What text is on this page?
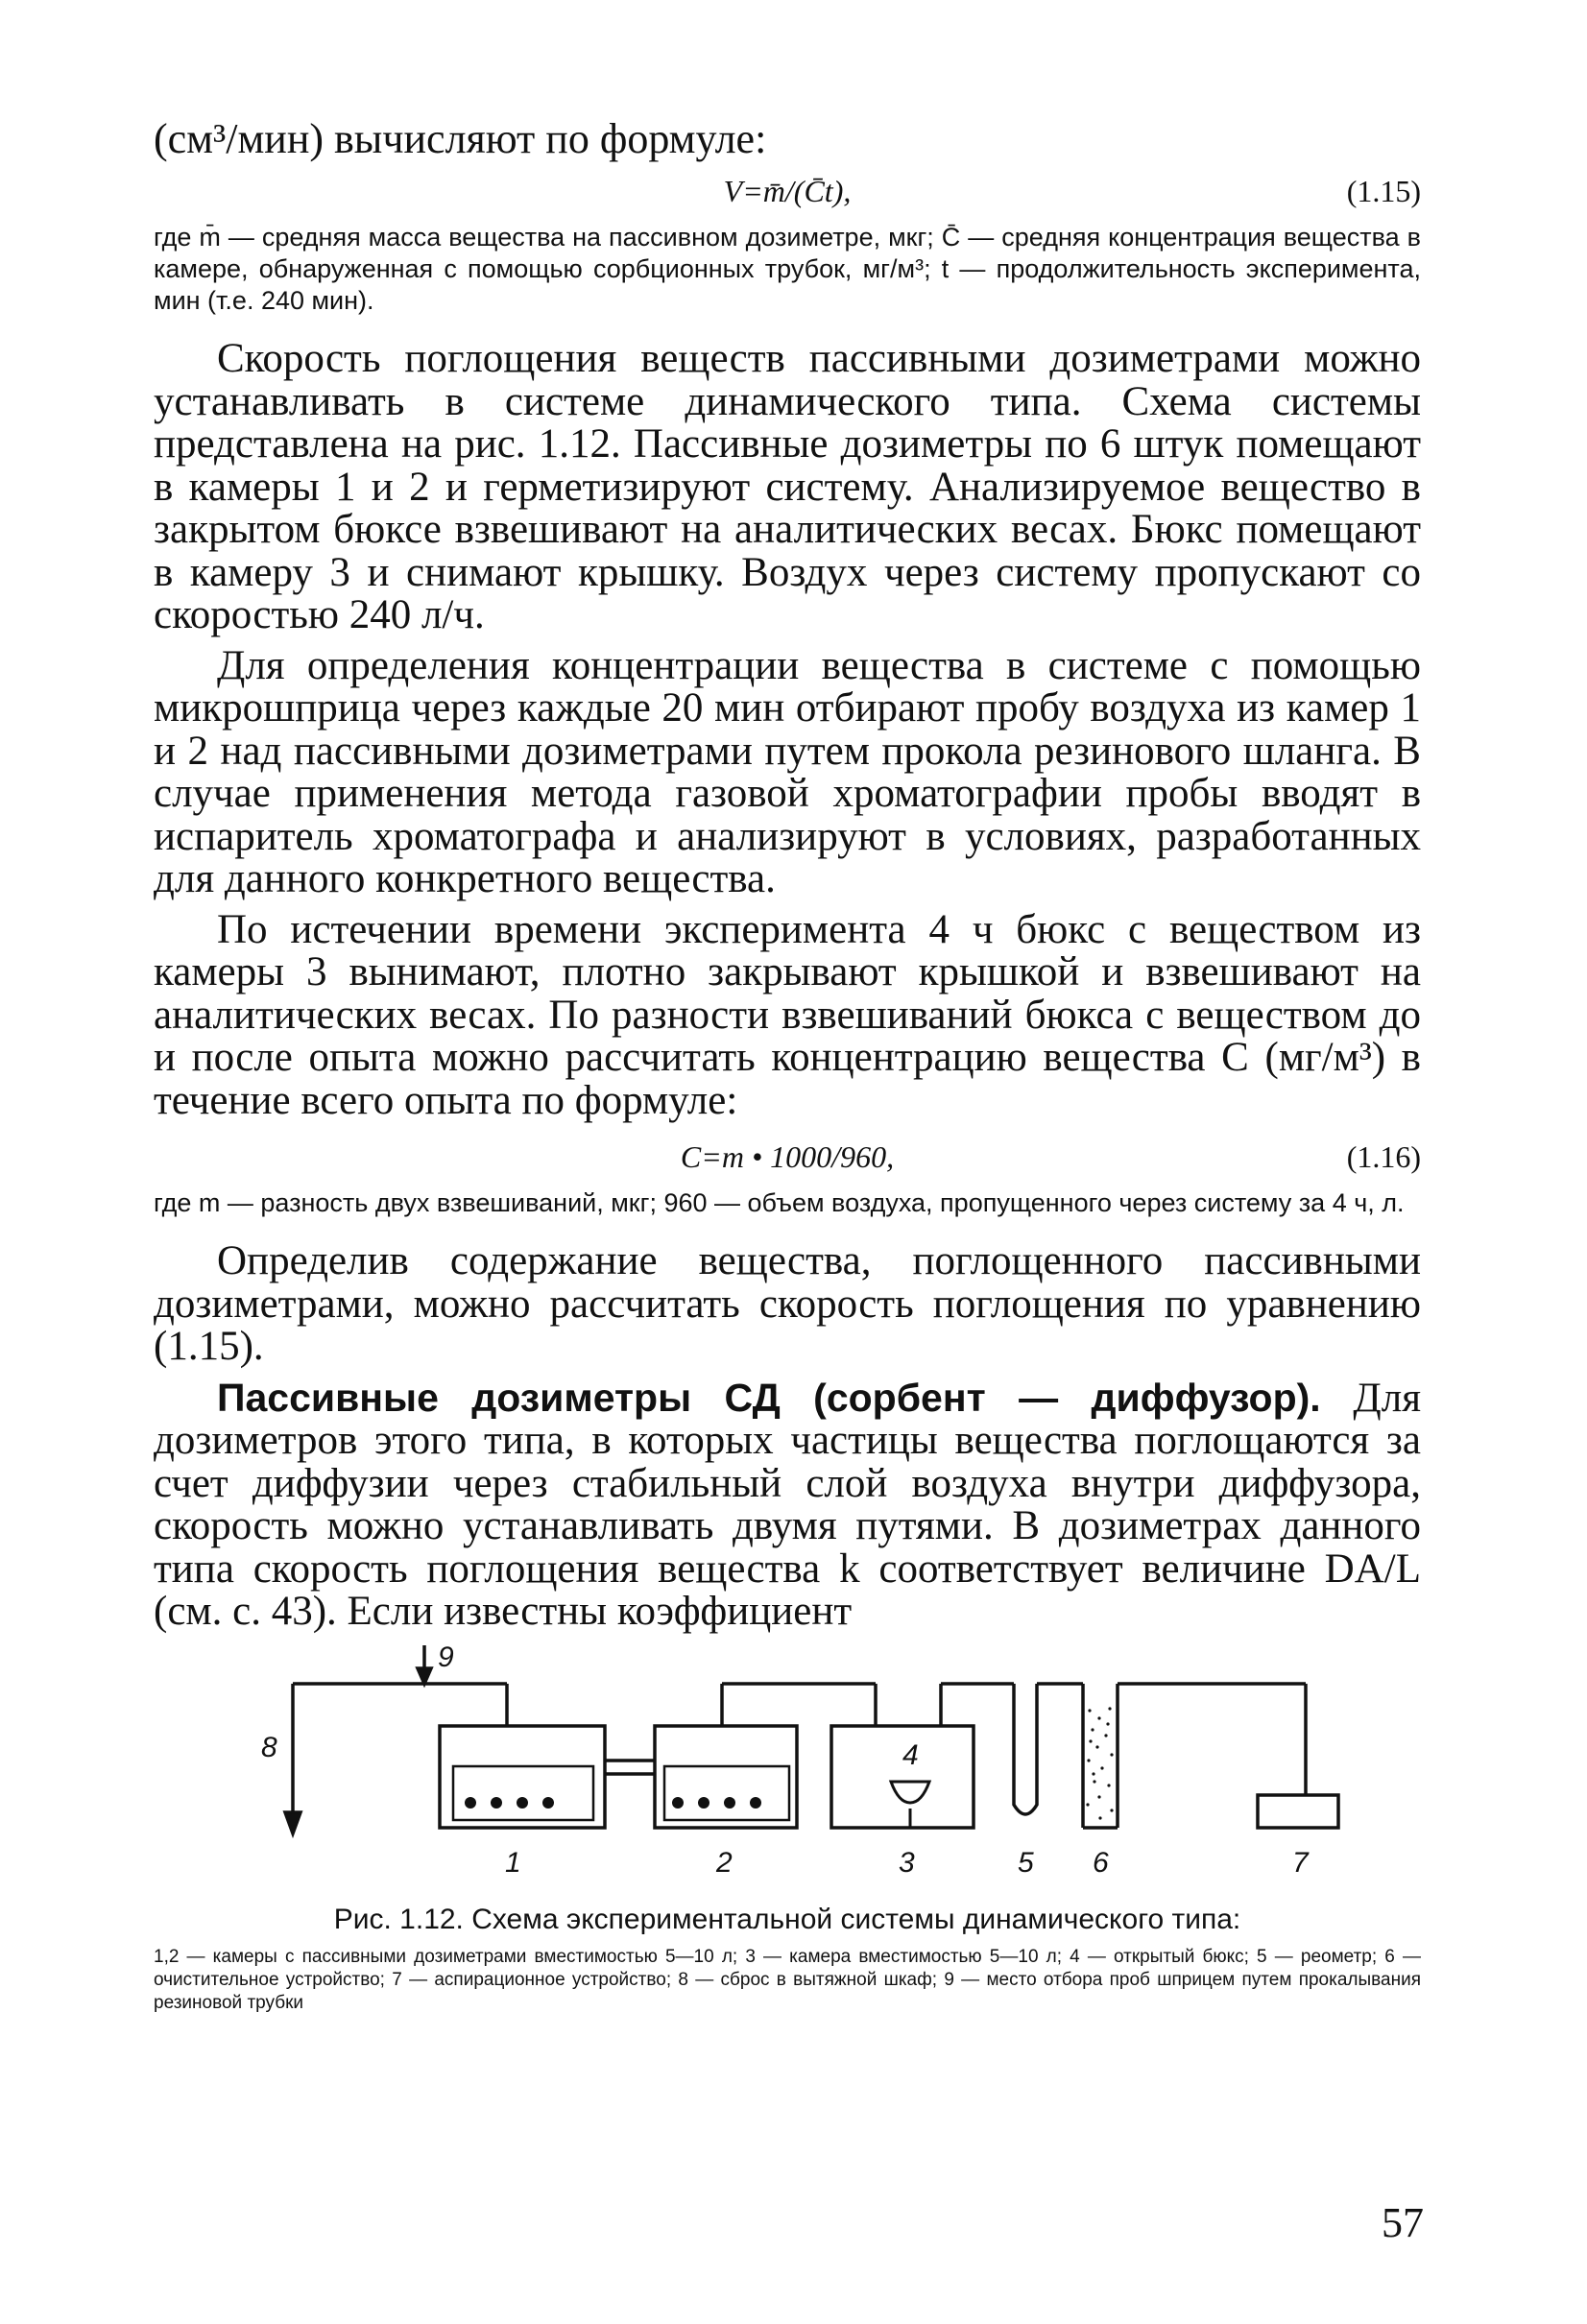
(см³/мин) вычисляют по формуле:

V=m̄/(C̄t),	(1.15)

где m̄ — средняя масса вещества на пассивном дозиметре, мкг; C̄ — средняя концентрация вещества в камере, обнаруженная с помощью сорбционных трубок, мг/м³; t — продолжительность эксперимента, мин (т.е. 240 мин).

Скорость поглощения веществ пассивными дозиметрами можно устанавливать в системе динамического типа. Схема системы представлена на рис. 1.12. Пассивные дозиметры по 6 штук помещают в камеры 1 и 2 и герметизируют систему. Анализируемое вещество в закрытом бюксе взвешивают на аналитических весах. Бюкс помещают в камеру 3 и снимают крышку. Воздух через систему пропускают со скоростью 240 л/ч.

Для определения концентрации вещества в системе с помощью микрошприца через каждые 20 мин отбирают пробу воздуха из камер 1 и 2 над пассивными дозиметрами путем прокола резинового шланга. В случае применения метода газовой хроматографии пробы вводят в испаритель хроматографа и анализируют в условиях, разработанных для данного конкретного вещества.

По истечении времени эксперимента 4 ч бюкс с веществом из камеры 3 вынимают, плотно закрывают крышкой и взвешивают на аналитических весах. По разности взвешиваний бюкса с веществом до и после опыта можно рассчитать концентрацию вещества C (мг/м³) в течение всего опыта по формуле:

C=m • 1000/960,	(1.16)

где m — разность двух взвешиваний, мкг; 960 — объем воздуха, пропущенного через систему за 4 ч, л.

Определив содержание вещества, поглощенного пассивными дозиметрами, можно рассчитать скорость поглощения по уравнению (1.15).

Пассивные дозиметры СД (сорбент — диффузор). Для дозиметров этого типа, в которых частицы вещества поглощаются за счет диффузии через стабильный слой воздуха внутри диффузора, скорость можно устанавливать двумя путями. В дозиметрах данного типа скорость поглощения вещества k соответствует величине DA/L (см. с. 43). Если известны коэффициент

9
8
1	2	3
4
5 6	7
Рис. 1.12. Схема экспериментальной системы динамического типа:
1,2 — камеры с пассивными дозиметрами вместимостью 5—10 л; 3 — камера вместимостью 5—10 л; 4 — открытый бюкс; 5 — реометр; 6 — очистительное устройство; 7 — аспирационное устройство; 8 — сброс в вытяжной шкаф; 9 — место отбора проб шприцем путем прокалывания резиновой трубки
57
